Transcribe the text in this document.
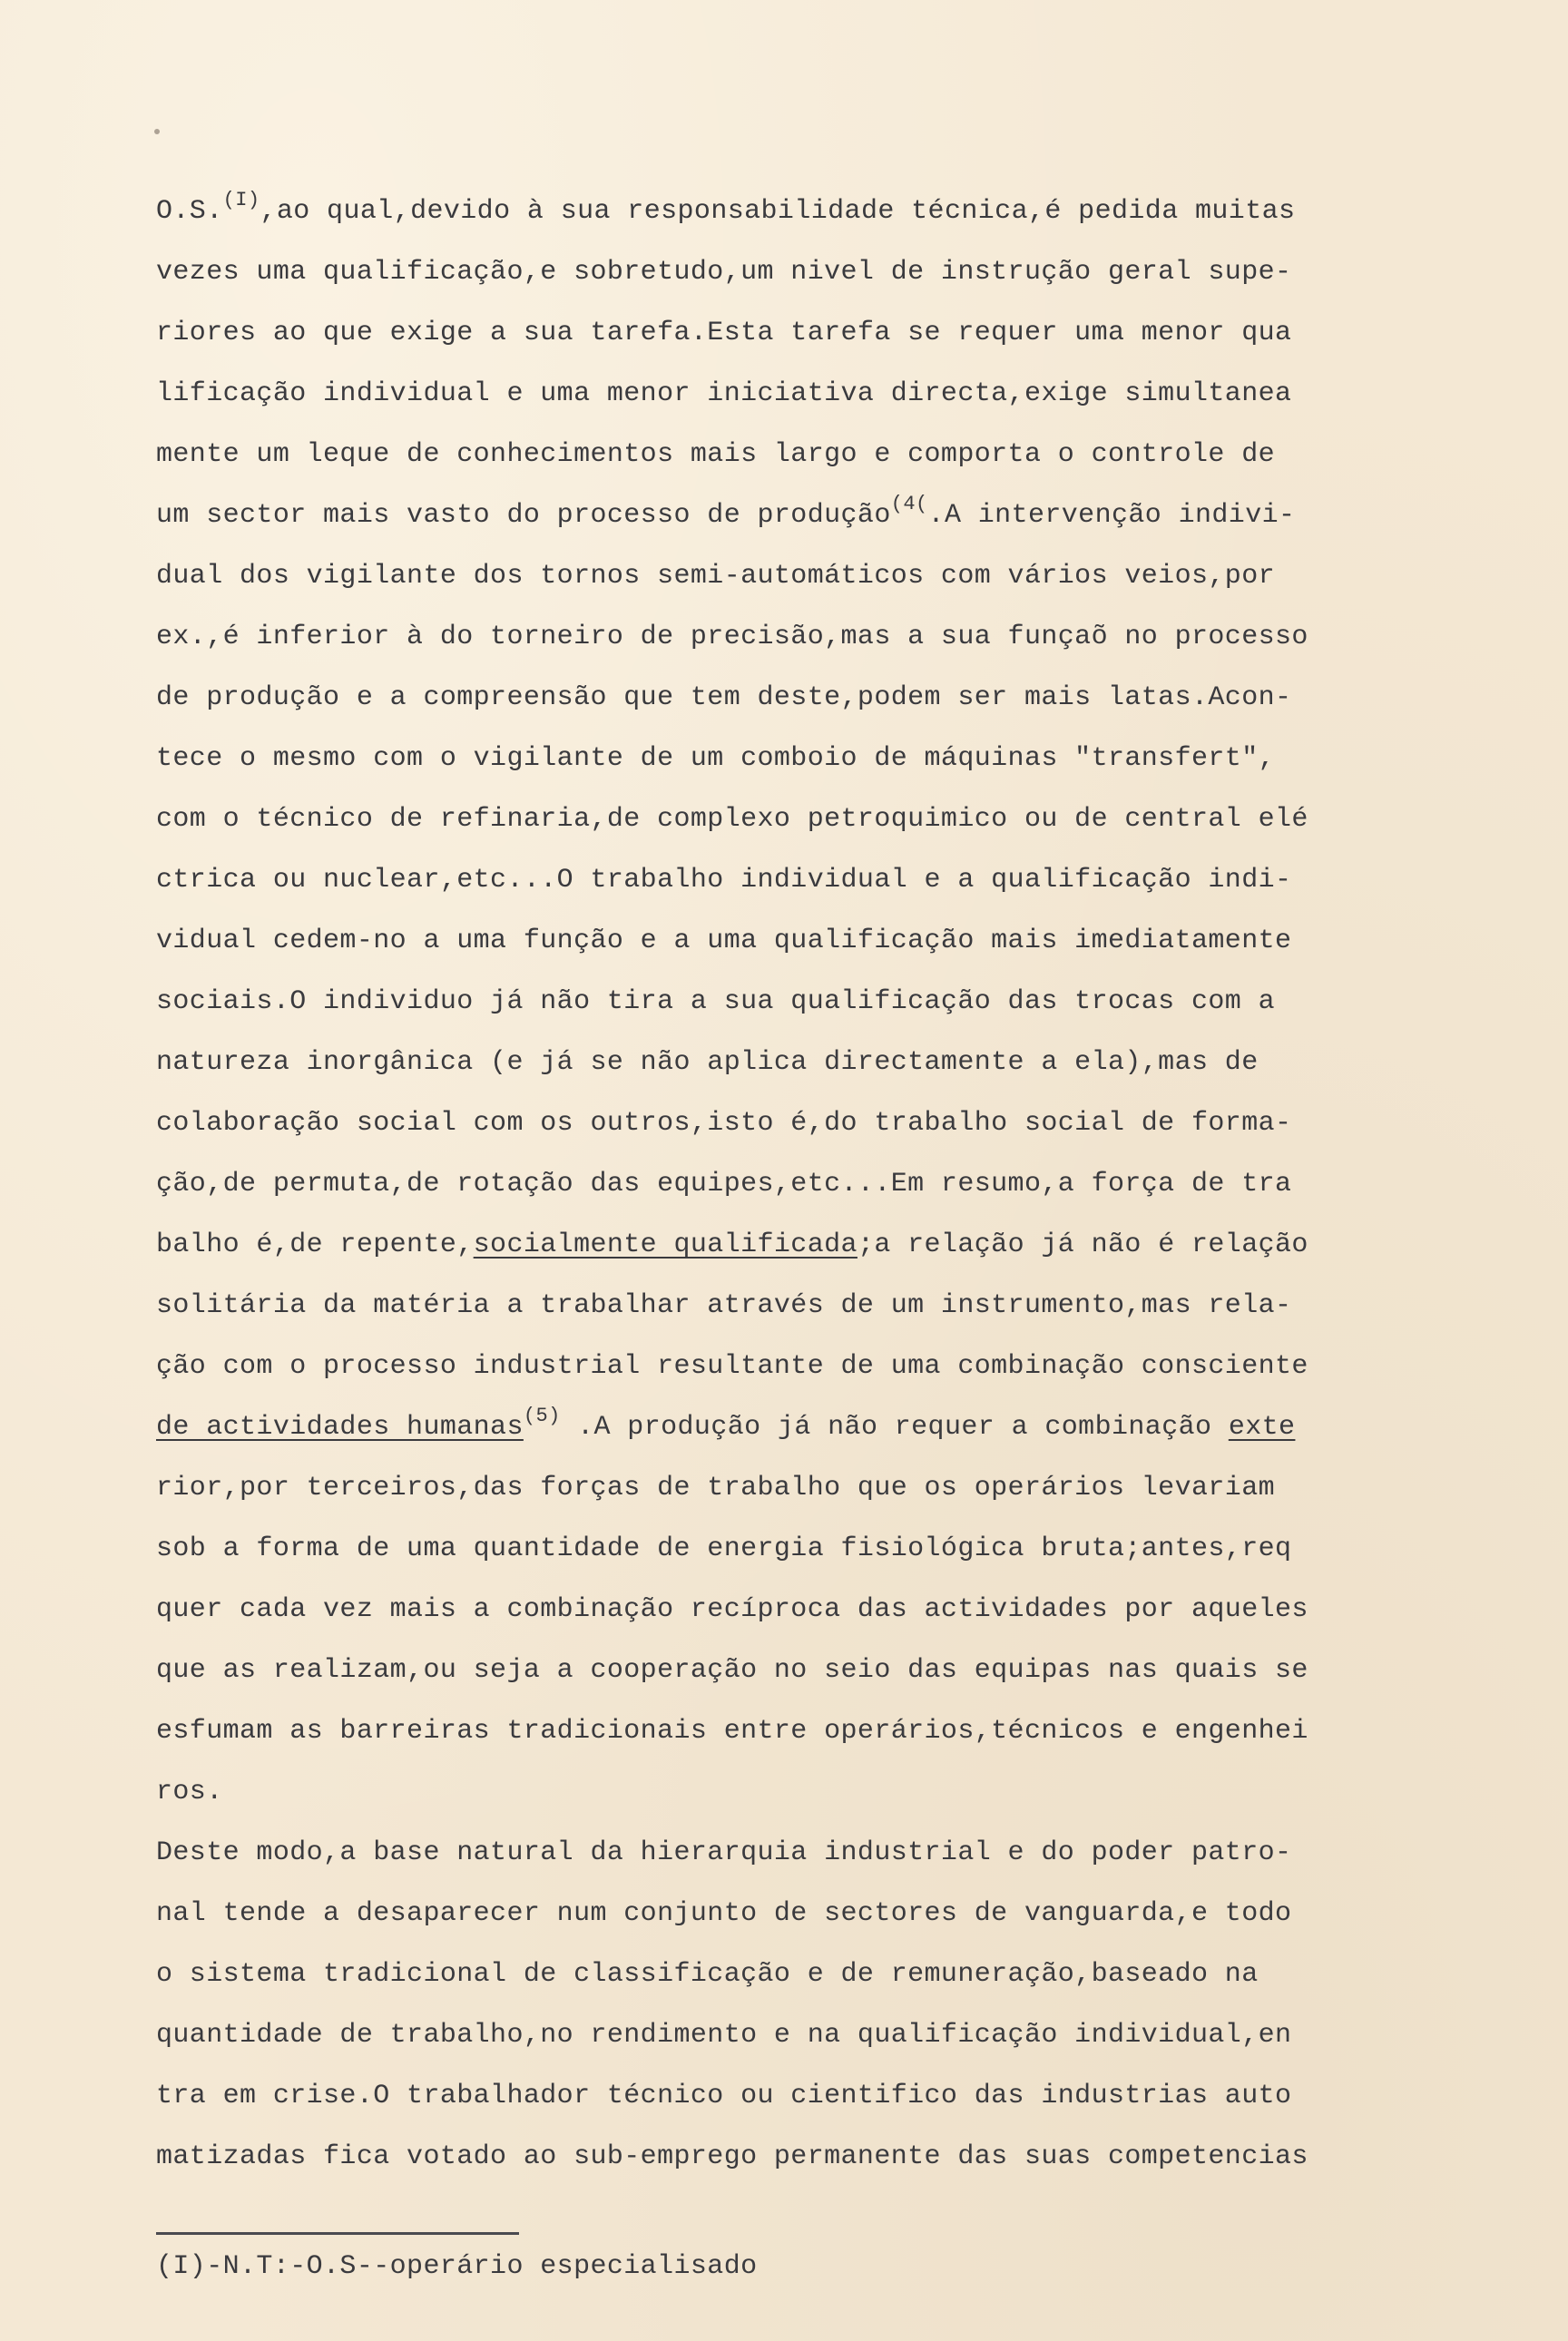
O.S.$^{(I)}$,ao qual,devido à sua responsabilidade técnica,é pedida muitas
vezes uma qualificação,e sobretudo,um nivel de instrução geral supe-
riores ao que exige a sua tarefa.Esta tarefa se requer uma menor qua
lificação individual e uma menor iniciativa directa,exige simultanea
mente um leque de conhecimentos mais largo e comporta o controle de
um sector mais vasto do processo de produção$^{(4(}$.A intervenção indivi-
dual dos vigilante dos tornos semi-automáticos com vários veios,por
ex.,é inferior à do torneiro de precisão,mas a sua funçaõ no processo
de produção e a compreensão que tem deste,podem ser mais latas.Acon-
tece o mesmo com o vigilante de um comboio de máquinas "transfert",
com o técnico de refinaria,de complexo petroquimico ou de central elé
ctrica ou nuclear,etc...O trabalho individual e a qualificação indi-
vidual cedem-no a uma função e a uma qualificação mais imediatamente
sociais.O individuo já não tira a sua qualificação das trocas com a
natureza inorgânica (e já se não aplica directamente a ela),mas de
colaboração social com os outros,isto é,do trabalho social de forma-
ção,de permuta,de rotação das equipes,etc...Em resumo,a força de tra
balho é,de repente,socialmente qualificada;a relação já não é relação
solitária da matéria a trabalhar através de um instrumento,mas rela-
ção com o processo industrial resultante de uma combinação consciente
de actividades humanas$^{(5)}$ .A produção já não requer a combinação exte
rior,por terceiros,das forças de trabalho que os operários levariam
sob a forma de uma quantidade de energia fisiológica bruta;antes,req
quer cada vez mais a combinação recíproca das actividades por aqueles
que as realizam,ou seja a cooperação no seio das equipas nas quais se
esfumam as barreiras tradicionais entre operários,técnicos e engenhei
ros.
Deste modo,a base natural da hierarquia industrial e do poder patro-
nal tende a desaparecer num conjunto de sectores de vanguarda,e todo
o sistema tradicional de classificação e de remuneração,baseado na
quantidade de trabalho,no rendimento e na qualificação individual,en
tra em crise.O trabalhador técnico ou cientifico das industrias auto
matizadas fica votado ao sub-emprego permanente das suas competencias
(I)-N.T:-O.S--operário especialisado
